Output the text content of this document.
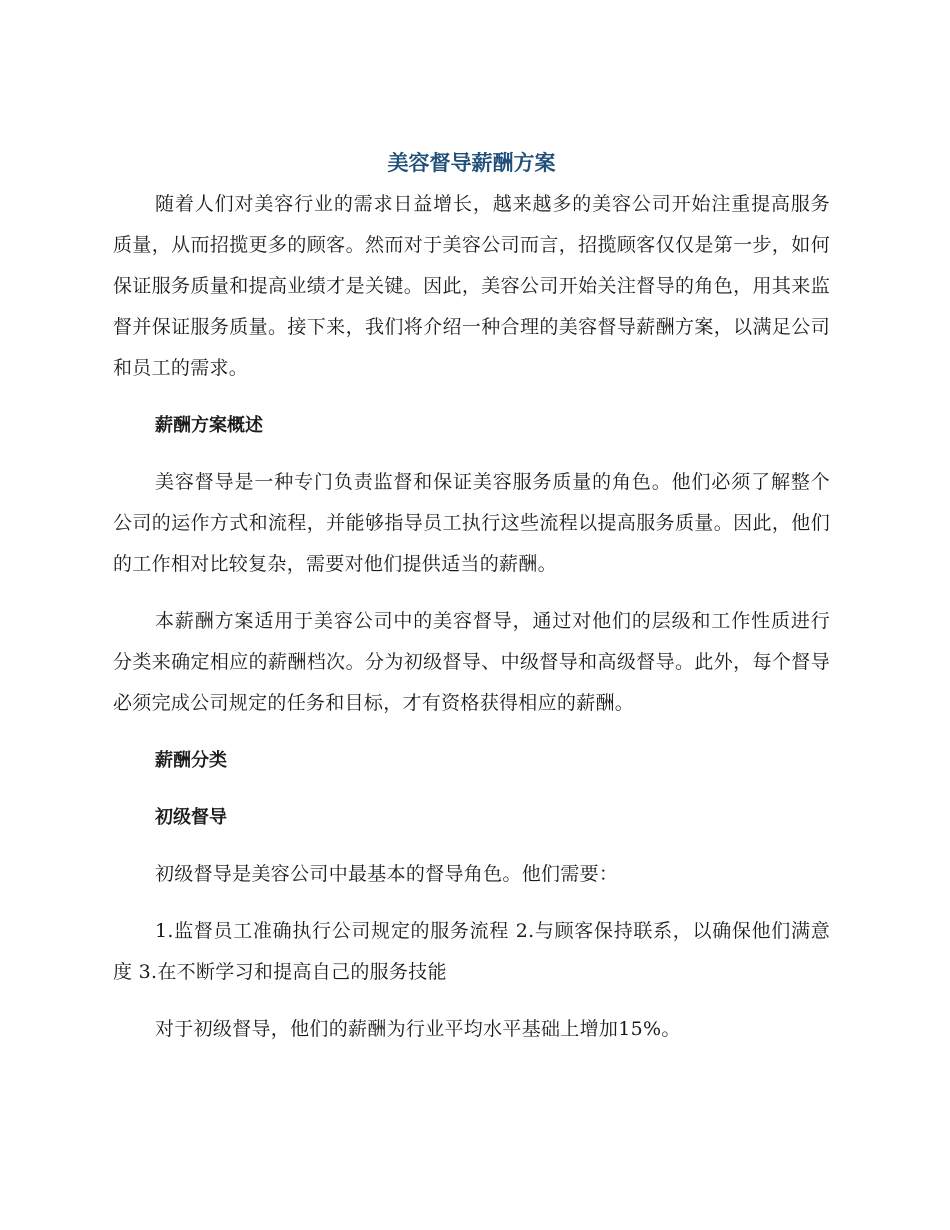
美容督导薪酬方案

随着人们对美容行业的需求日益增长，越来越多的美容公司开始注重提高服务质量，从而招揽更多的顾客。然而对于美容公司而言，招揽顾客仅仅是第一步，如何保证服务质量和提高业绩才是关键。因此，美容公司开始关注督导的角色，用其来监督并保证服务质量。接下来，我们将介绍一种合理的美容督导薪酬方案，以满足公司和员工的需求。

薪酬方案概述

美容督导是一种专门负责监督和保证美容服务质量的角色。他们必须了解整个公司的运作方式和流程，并能够指导员工执行这些流程以提高服务质量。因此，他们的工作相对比较复杂，需要对他们提供适当的薪酬。

本薪酬方案适用于美容公司中的美容督导，通过对他们的层级和工作性质进行分类来确定相应的薪酬档次。分为初级督导、中级督导和高级督导。此外，每个督导必须完成公司规定的任务和目标，才有资格获得相应的薪酬。

薪酬分类
初级督导

初级督导是美容公司中最基本的督导角色。他们需要：

1.监督员工准确执行公司规定的服务流程 2.与顾客保持联系，以确保他们满意度 3.在不断学习和提高自己的服务技能

对于初级督导，他们的薪酬为行业平均水平基础上增加15%。
